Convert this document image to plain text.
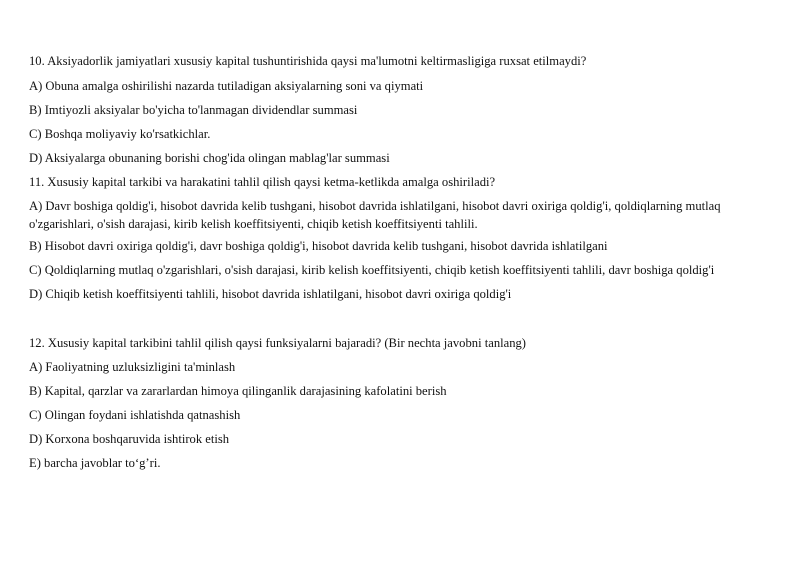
10. Aksiyadorlik jamiyatlari xususiy kapital tushuntirishida qaysi ma'lumotni keltirmasligiga ruxsat etilmaydi?
A) Obuna amalga oshirilishi nazarda tutiladigan aksiyalarning soni va qiymati
B) Imtiyozli aksiyalar bo'yicha to'lanmagan dividendlar summasi
C) Boshqa moliyaviy ko'rsatkichlar.
D) Aksiyalarga obunaning borishi chog'ida olingan mablag'lar summasi
11. Xususiy kapital tarkibi va harakatini tahlil qilish qaysi ketma-ketlikda amalga oshiriladi?
A) Davr boshiga qoldig'i, hisobot davrida kelib tushgani, hisobot davrida ishlatilgani, hisobot davri oxiriga qoldig'i, qoldiqlarning mutlaq o'zgarishlari, o'sish darajasi, kirib kelish koeffitsiyenti, chiqib ketish koeffitsiyenti tahlili.
B) Hisobot davri oxiriga qoldig'i, davr boshiga qoldig'i, hisobot davrida kelib tushgani, hisobot davrida ishlatilgani
C) Qoldiqlarning mutlaq o'zgarishlari, o'sish darajasi, kirib kelish koeffitsiyenti, chiqib ketish koeffitsiyenti tahlili, davr boshiga qoldig'i
D) Chiqib ketish koeffitsiyenti tahlili, hisobot davrida ishlatilgani, hisobot davri oxiriga qoldig'i
12. Xususiy kapital tarkibini tahlil qilish qaysi funksiyalarni bajaradi? (Bir nechta javobni tanlang)
A) Faoliyatning uzluksizligini ta'minlash
B) Kapital, qarzlar va zararlardan himoya qilinganlik darajasining kafolatini berish
C) Olingan foydani ishlatishda qatnashish
D) Korxona boshqaruvida ishtirok etish
E) barcha javoblar to‘g’ri.
